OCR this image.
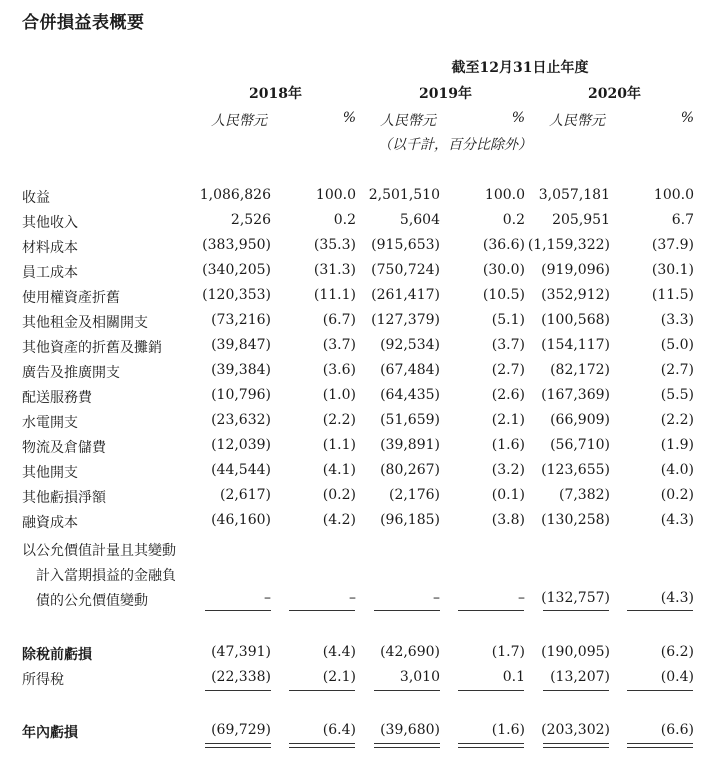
合併損益表概要
截至12月31日止年度
2018年	2019年	2020年
人民幣元	% 人民幣元	% 人民幣元	%
（以千計，百分比除外）
收益	1,086,826	100.0 2,501,510	100.0 3,057,181	100.0
其他收入	2,526	0.2	5,604	0.2 205,951	6.7
材料成本	(383,950)	(35.3) (915,653)	(36.6) (1,159,322)	(37.9)
員工成本	(340,205)	(31.3) (750,724)	(30.0) (919,096)	(30.1)
使用權資產折舊	(120,353)	(11.1) (261,417)	(10.5) (352,912)	(11.5)
其他租金及相關開支	(73,216)	(6.7) (127,379)	(5.1) (100,568)	(3.3)
其他資產的折舊及攤銷	(39,847)	(3.7) (92,534)	(3.7) (154,117)	(5.0)
廣告及推廣開支	(39,384)	(3.6) (67,484)	(2.7) (82,172)	(2.7)
配送服務費	(10,796)	(1.0) (64,435)	(2.6) (167,369)	(5.5)
水電開支	(23,632)	(2.2) (51,659)	(2.1) (66,909)	(2.2)
物流及倉儲費	(12,039)	(1.1) (39,891)	(1.6) (56,710)	(1.9)
其他開支	(44,544)	(4.1) (80,267)	(3.2) (123,655)	(4.0)
其他虧損淨額	(2,617)	(0.2) (2,176)	(0.1) (7,382)	(0.2)
融資成本	(46,160)	(4.2) (96,185)	(3.8) (130,258)	(4.3)
以公允價值計量且其變動
　計入當期損益的金融負
　債的公允價值變動	–	–	–	– (132,757)	(4.3)
除稅前虧損	(47,391)	(4.4) (42,690)	(1.7) (190,095)	(6.2)
所得稅	(22,338)	(2.1)	3,010	0.1 (13,207)	(0.4)
年內虧損	(69,729)	(6.4) (39,680)	(1.6) (203,302)	(6.6)
